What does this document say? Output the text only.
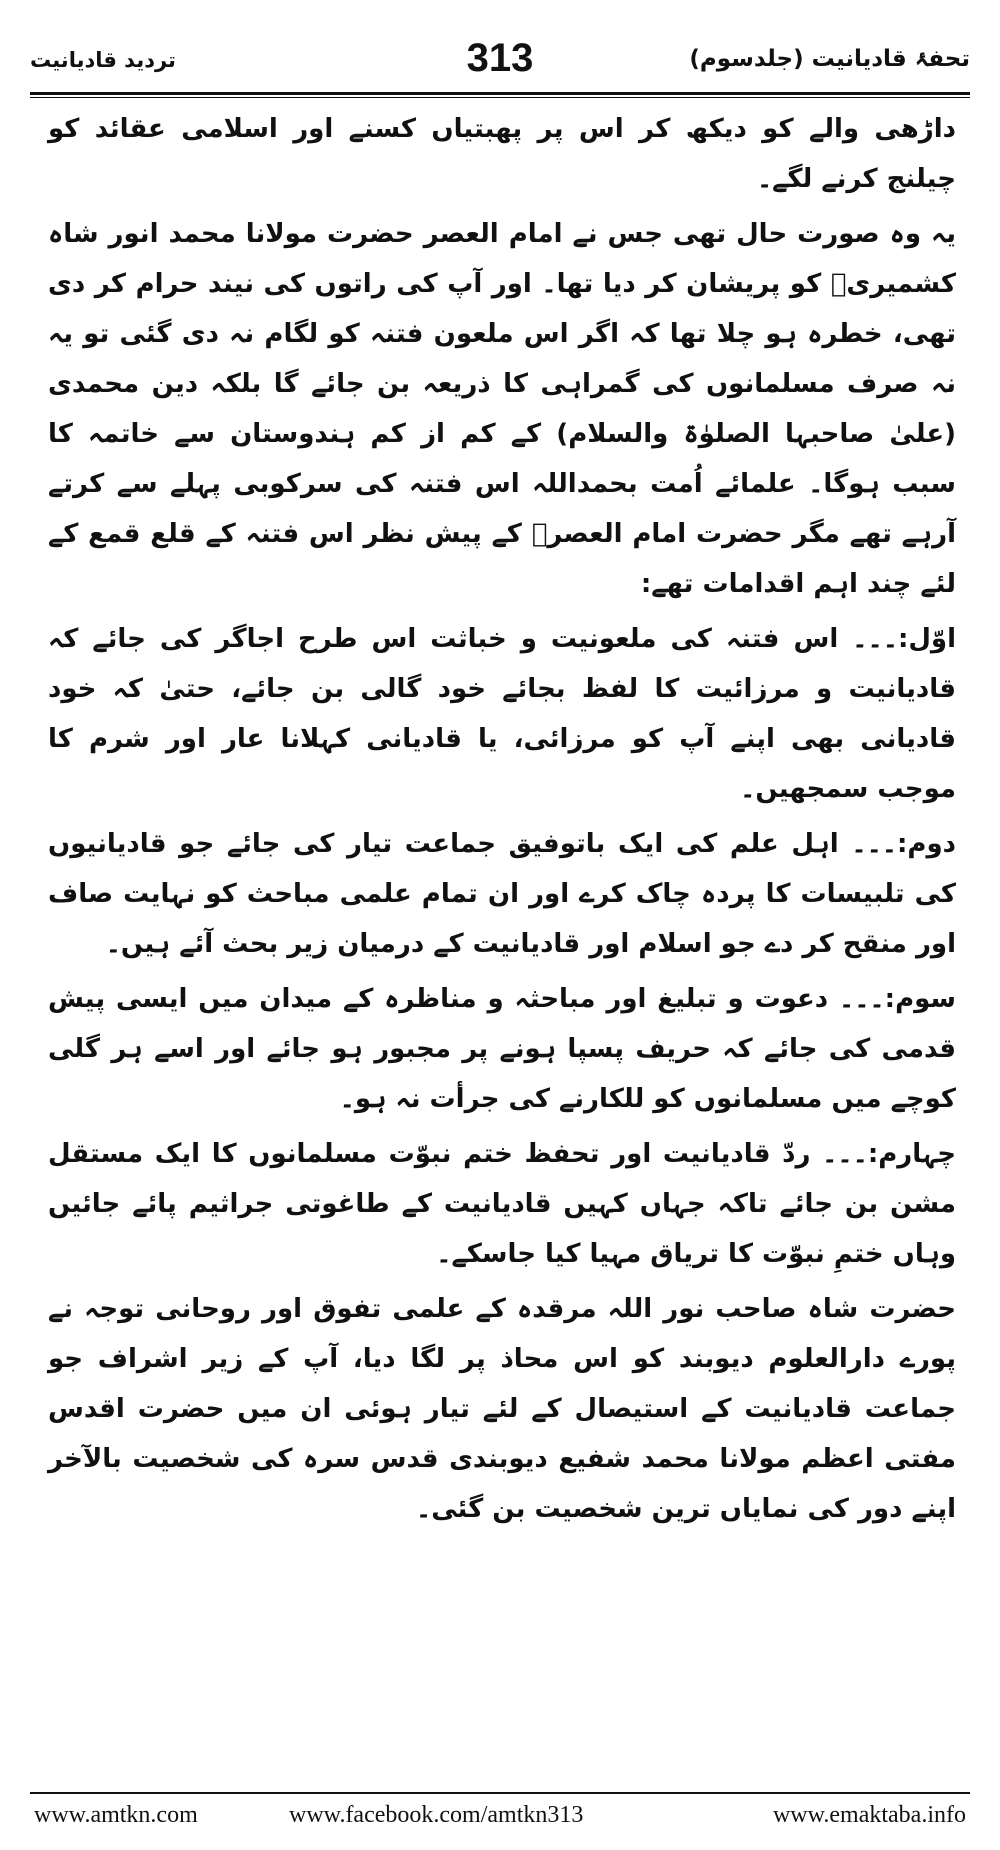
تحفۂ قادیانیت (جلدسوم)
313
تردید قادیانیت

داڑھی والے کو دیکھ کر اس پر پھبتیاں کسنے اور اسلامی عقائد کو چیلنج کرنے لگے۔

یہ وہ صورت حال تھی جس نے امام العصر حضرت مولانا محمد انور شاہ کشمیریؒ کو پریشان کر دیا تھا۔ اور آپ کی راتوں کی نیند حرام کر دی تھی، خطرہ ہو چلا تھا کہ اگر اس ملعون فتنہ کو لگام نہ دی گئی تو یہ نہ صرف مسلمانوں کی گمراہی کا ذریعہ بن جائے گا بلکہ دین محمدی (علیٰ صاحبہا الصلوٰۃ والسلام) کے کم از کم ہندوستان سے خاتمہ کا سبب ہوگا۔ علمائے اُمت بحمداللہ اس فتنہ کی سرکوبی پہلے سے کرتے آرہے تھے مگر حضرت امام العصرؒ کے پیش نظر اس فتنہ کے قلع قمع کے لئے چند اہم اقدامات تھے:

اوّل:۔۔۔ اس فتنہ کی ملعونیت و خباثت اس طرح اجاگر کی جائے کہ قادیانیت و مرزائیت کا لفظ بجائے خود گالی بن جائے، حتیٰ کہ خود قادیانی بھی اپنے آپ کو مرزائی، یا قادیانی کہلانا عار اور شرم کا موجب سمجھیں۔

دوم:۔۔۔ اہل علم کی ایک باتوفیق جماعت تیار کی جائے جو قادیانیوں کی تلبیسات کا پردہ چاک کرے اور ان تمام علمی مباحث کو نہایت صاف اور منقح کر دے جو اسلام اور قادیانیت کے درمیان زیر بحث آئے ہیں۔

سوم:۔۔۔ دعوت و تبلیغ اور مباحثہ و مناظرہ کے میدان میں ایسی پیش قدمی کی جائے کہ حریف پسپا ہونے پر مجبور ہو جائے اور اسے ہر گلی کوچے میں مسلمانوں کو للکارنے کی جرأت نہ ہو۔

چہارم:۔۔۔ ردّ قادیانیت اور تحفظ ختم نبوّت مسلمانوں کا ایک مستقل مشن بن جائے تاکہ جہاں کہیں قادیانیت کے طاغوتی جراثیم پائے جائیں وہاں ختمِ نبوّت کا تریاق مہیا کیا جاسکے۔

حضرت شاہ صاحب نور اللہ مرقدہ کے علمی تفوق اور روحانی توجہ نے پورے دارالعلوم دیوبند کو اس محاذ پر لگا دیا، آپ کے زیر اشراف جو جماعت قادیانیت کے استیصال کے لئے تیار ہوئی ان میں حضرت اقدس مفتی اعظم مولانا محمد شفیع دیوبندی قدس سرہ کی شخصیت بالآخر اپنے دور کی نمایاں ترین شخصیت بن گئی۔

www.amtkn.com	www.facebook.com/amtkn313	www.emaktaba.info
